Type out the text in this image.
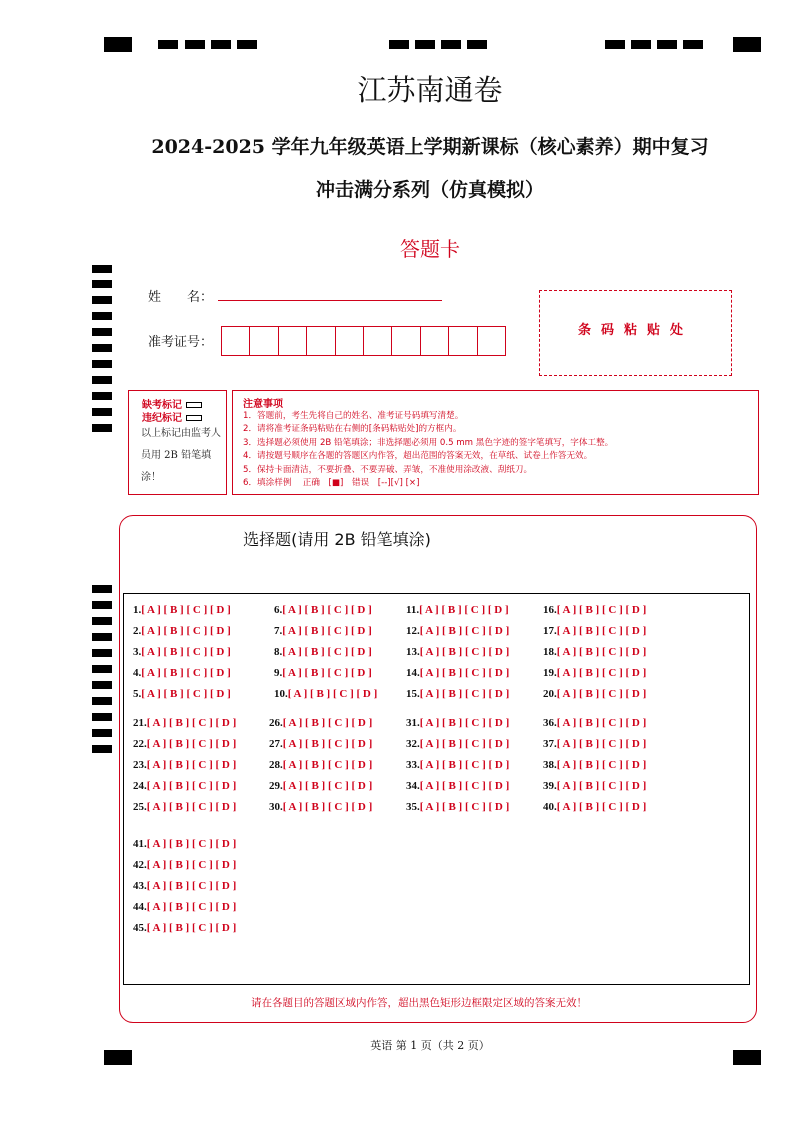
江苏南通卷
2024-2025 学年九年级英语上学期新课标（核心素养）期中复习
冲击满分系列（仿真模拟）
答题卡
姓　　名：
准考证号：
条码粘贴处
缺考标记
违纪标记
以上标记由监考人员用 2B 铅笔填涂！
注意事项

1．答题前，考生先将自己的姓名、准考证号码填写清楚。

2．请将准考证条码粘贴在右侧的[条码粘贴处]的方框内。

3．选择题必须使用 2B 铅笔填涂；非选择题必须用 0.5 mm 黑色字迹的签字笔填写，字体工整。

4．请按题号顺序在各题的答题区内作答，超出范围的答案无效，在草纸、试卷上作答无效。

5．保持卡面清洁，不要折叠、不要弄破、弄皱，不准使用涂改液、刮纸刀。

6．填涂样例　 正确　[■]　错误　[--][√] [×]

选择题(请用 2B 铅笔填涂)
1.[ A ] [ B ] [ C ] [ D ]
2.[ A ] [ B ] [ C ] [ D ]
3.[ A ] [ B ] [ C ] [ D ]
4.[ A ] [ B ] [ C ] [ D ]
5.[ A ] [ B ] [ C ] [ D ]
6.[ A ] [ B ] [ C ] [ D ]
7.[ A ] [ B ] [ C ] [ D ]
8.[ A ] [ B ] [ C ] [ D ]
9.[ A ] [ B ] [ C ] [ D ]
10.[ A ] [ B ] [ C ] [ D ]
11.[ A ] [ B ] [ C ] [ D ]
12.[ A ] [ B ] [ C ] [ D ]
13.[ A ] [ B ] [ C ] [ D ]
14.[ A ] [ B ] [ C ] [ D ]
15.[ A ] [ B ] [ C ] [ D ]
16.[ A ] [ B ] [ C ] [ D ]
17.[ A ] [ B ] [ C ] [ D ]
18.[ A ] [ B ] [ C ] [ D ]
19.[ A ] [ B ] [ C ] [ D ]
20.[ A ] [ B ] [ C ] [ D ]
21.[ A ] [ B ] [ C ] [ D ]
22.[ A ] [ B ] [ C ] [ D ]
23.[ A ] [ B ] [ C ] [ D ]
24.[ A ] [ B ] [ C ] [ D ]
25.[ A ] [ B ] [ C ] [ D ]
26.[ A ] [ B ] [ C ] [ D ]
27.[ A ] [ B ] [ C ] [ D ]
28.[ A ] [ B ] [ C ] [ D ]
29.[ A ] [ B ] [ C ] [ D ]
30.[ A ] [ B ] [ C ] [ D ]
31.[ A ] [ B ] [ C ] [ D ]
32.[ A ] [ B ] [ C ] [ D ]
33.[ A ] [ B ] [ C ] [ D ]
34.[ A ] [ B ] [ C ] [ D ]
35.[ A ] [ B ] [ C ] [ D ]
36.[ A ] [ B ] [ C ] [ D ]
37.[ A ] [ B ] [ C ] [ D ]
38.[ A ] [ B ] [ C ] [ D ]
39.[ A ] [ B ] [ C ] [ D ]
40.[ A ] [ B ] [ C ] [ D ]
41.[ A ] [ B ] [ C ] [ D ]
42.[ A ] [ B ] [ C ] [ D ]
43.[ A ] [ B ] [ C ] [ D ]
44.[ A ] [ B ] [ C ] [ D ]
45.[ A ] [ B ] [ C ] [ D ]
请在各题目的答题区域内作答，超出黑色矩形边框限定区域的答案无效！
英语 第 1 页（共 2 页）
